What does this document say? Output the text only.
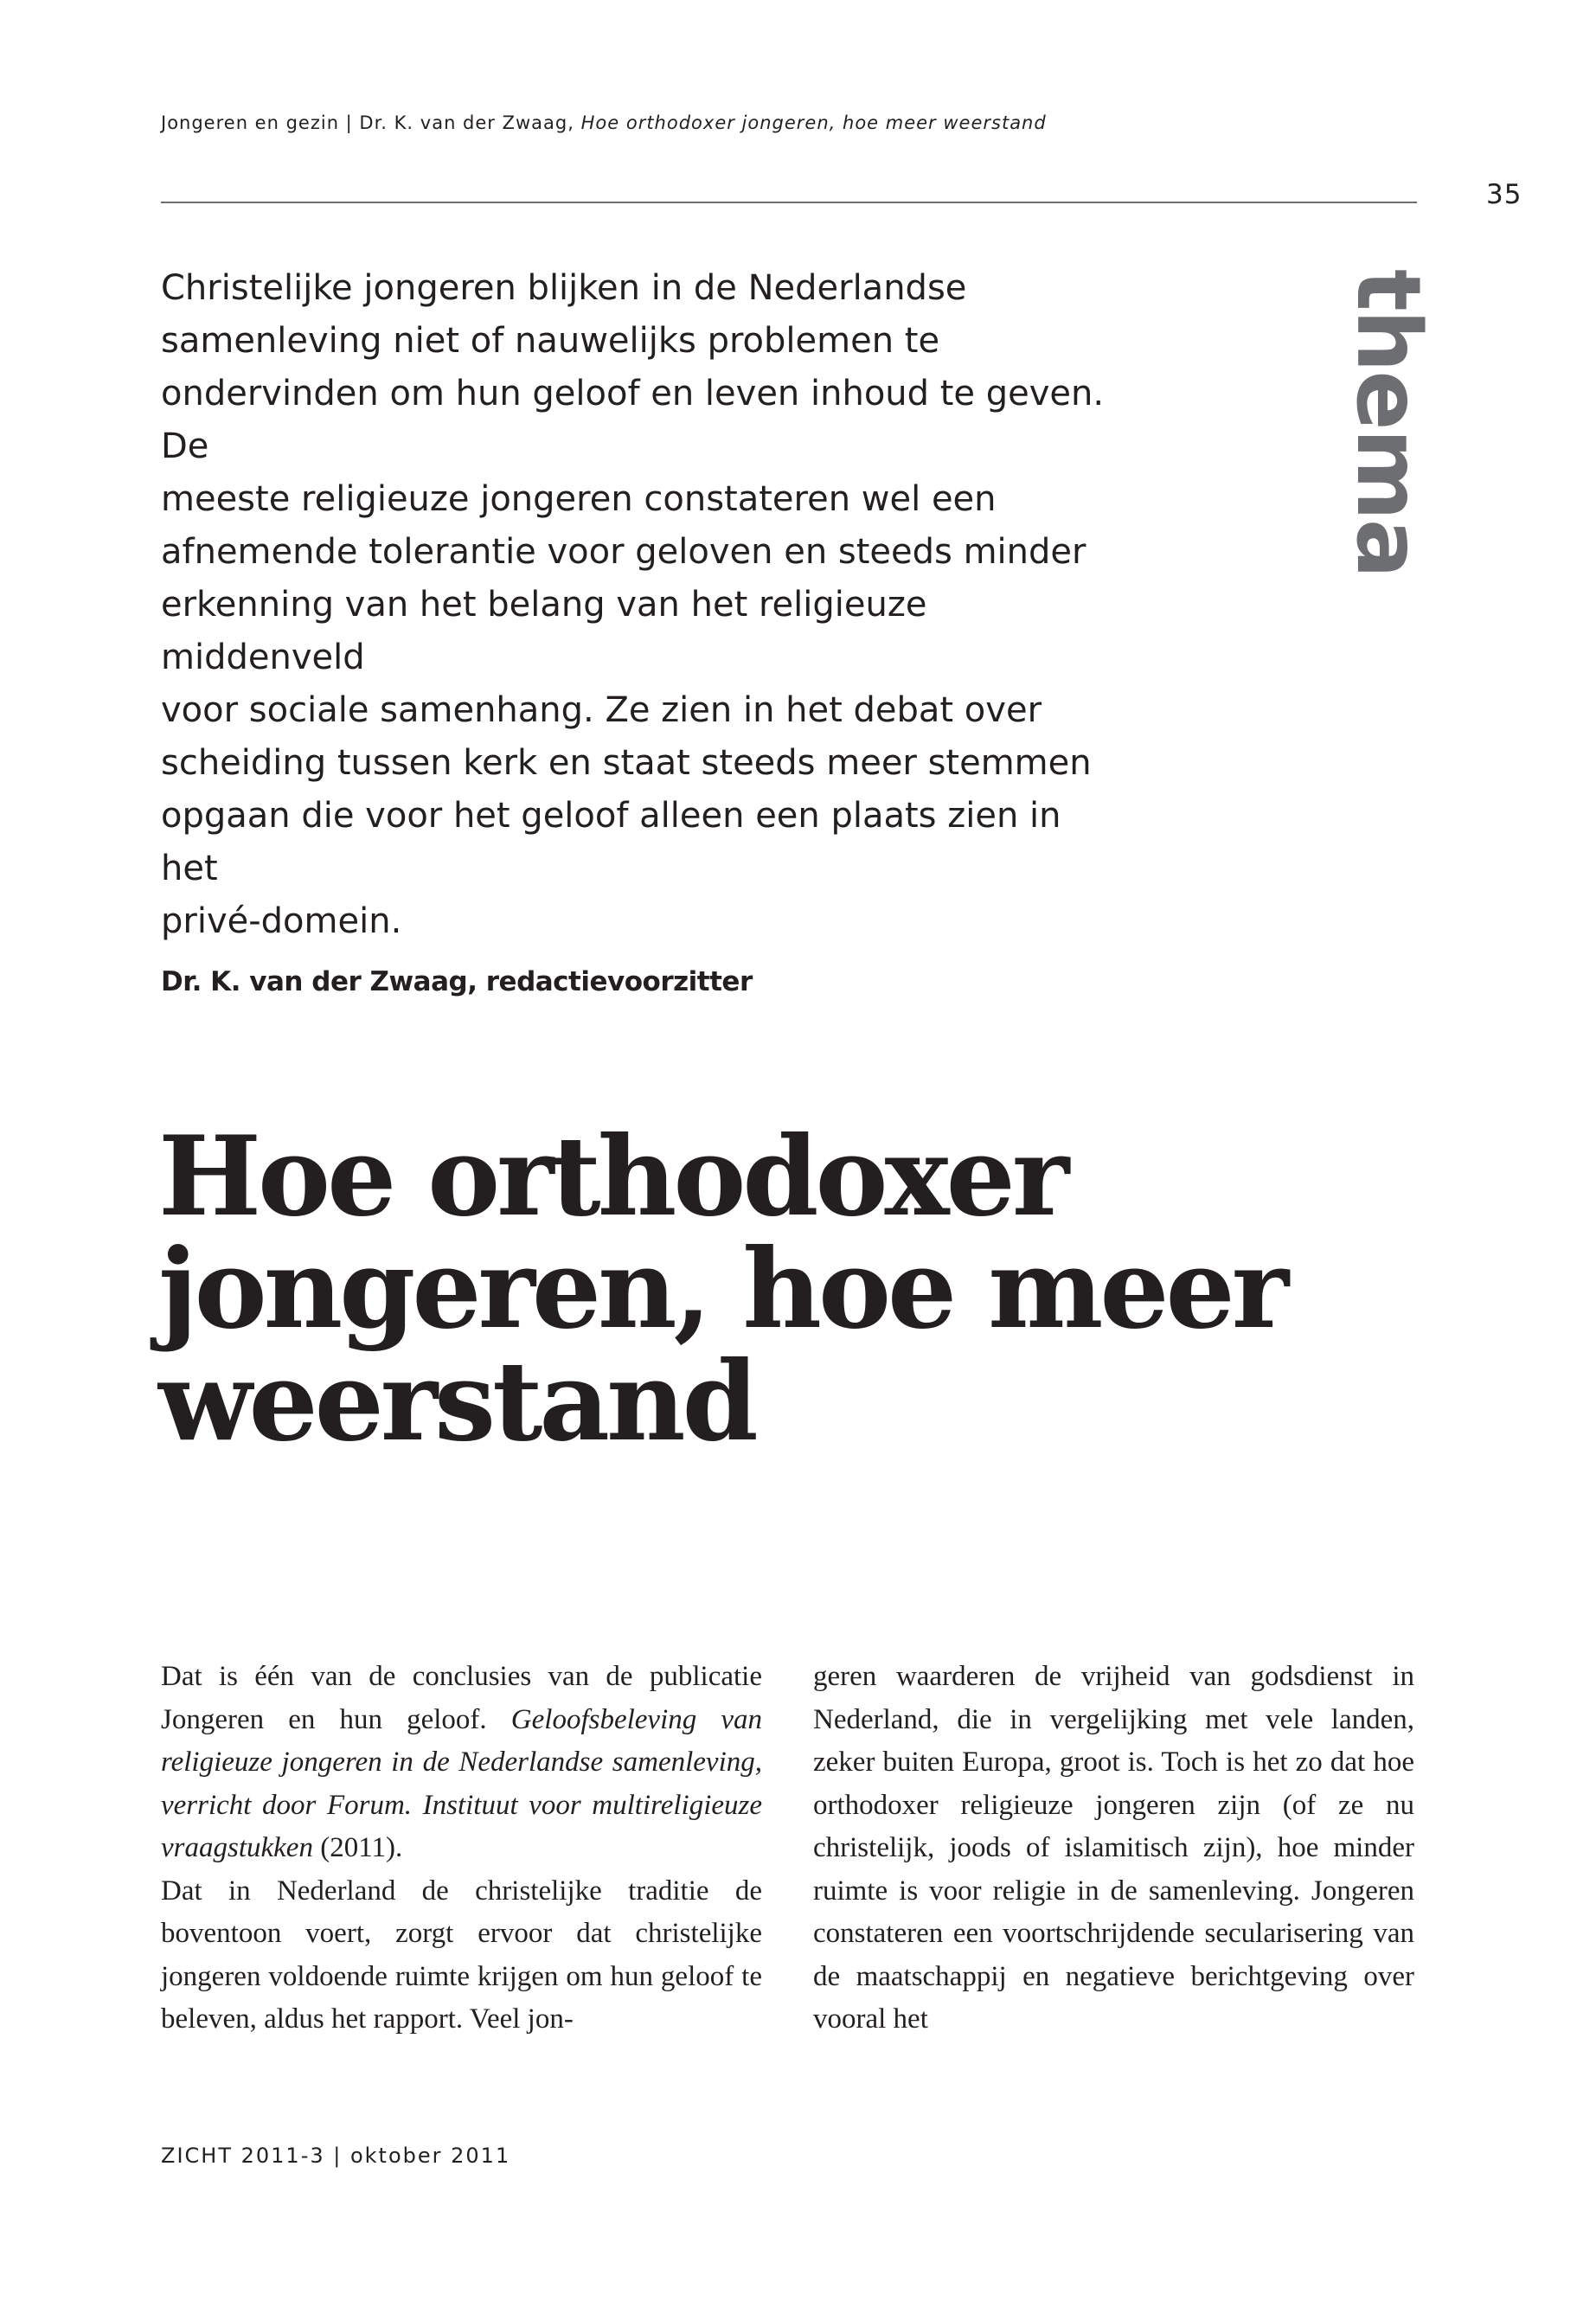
Jongeren en gezin | Dr. K. van der Zwaag, Hoe orthodoxer jongeren, hoe meer weerstand
35
thema
Christelijke jongeren blijken in de Nederlandse
samenleving niet of nauwelijks problemen te
ondervinden om hun geloof en leven inhoud te geven. De
meeste religieuze jongeren constateren wel een
afnemende tolerantie voor geloven en steeds minder
erkenning van het belang van het religieuze middenveld
voor sociale samenhang. Ze zien in het debat over
scheiding tussen kerk en staat steeds meer stemmen
opgaan die voor het geloof alleen een plaats zien in het
privé-domein.
Dr. K. van der Zwaag, redactievoorzitter
Hoe orthodoxer
jongeren, hoe meer
weerstand

Dat is één van de conclusies van de publicatie Jongeren en hun geloof. Geloofsbeleving van religieuze jongeren in de Nederlandse samenleving, verricht door Forum. Instituut voor multireligieuze vraagstukken (2011).

Dat in Nederland de christelijke traditie de boventoon voert, zorgt ervoor dat christelijke jongeren voldoende ruimte krijgen om hun geloof te beleven, aldus het rapport. Veel jon-

geren waarderen de vrijheid van godsdienst in Nederland, die in vergelijking met vele landen, zeker buiten Europa, groot is. Toch is het zo dat hoe orthodoxer religieuze jongeren zijn (of ze nu christelijk, joods of islamitisch zijn), hoe minder ruimte is voor religie in de samenleving. Jongeren constateren een voortschrijdende secularisering van de maatschappij en negatieve berichtgeving over vooral het

ZICHT 2011-3 | oktober 2011
